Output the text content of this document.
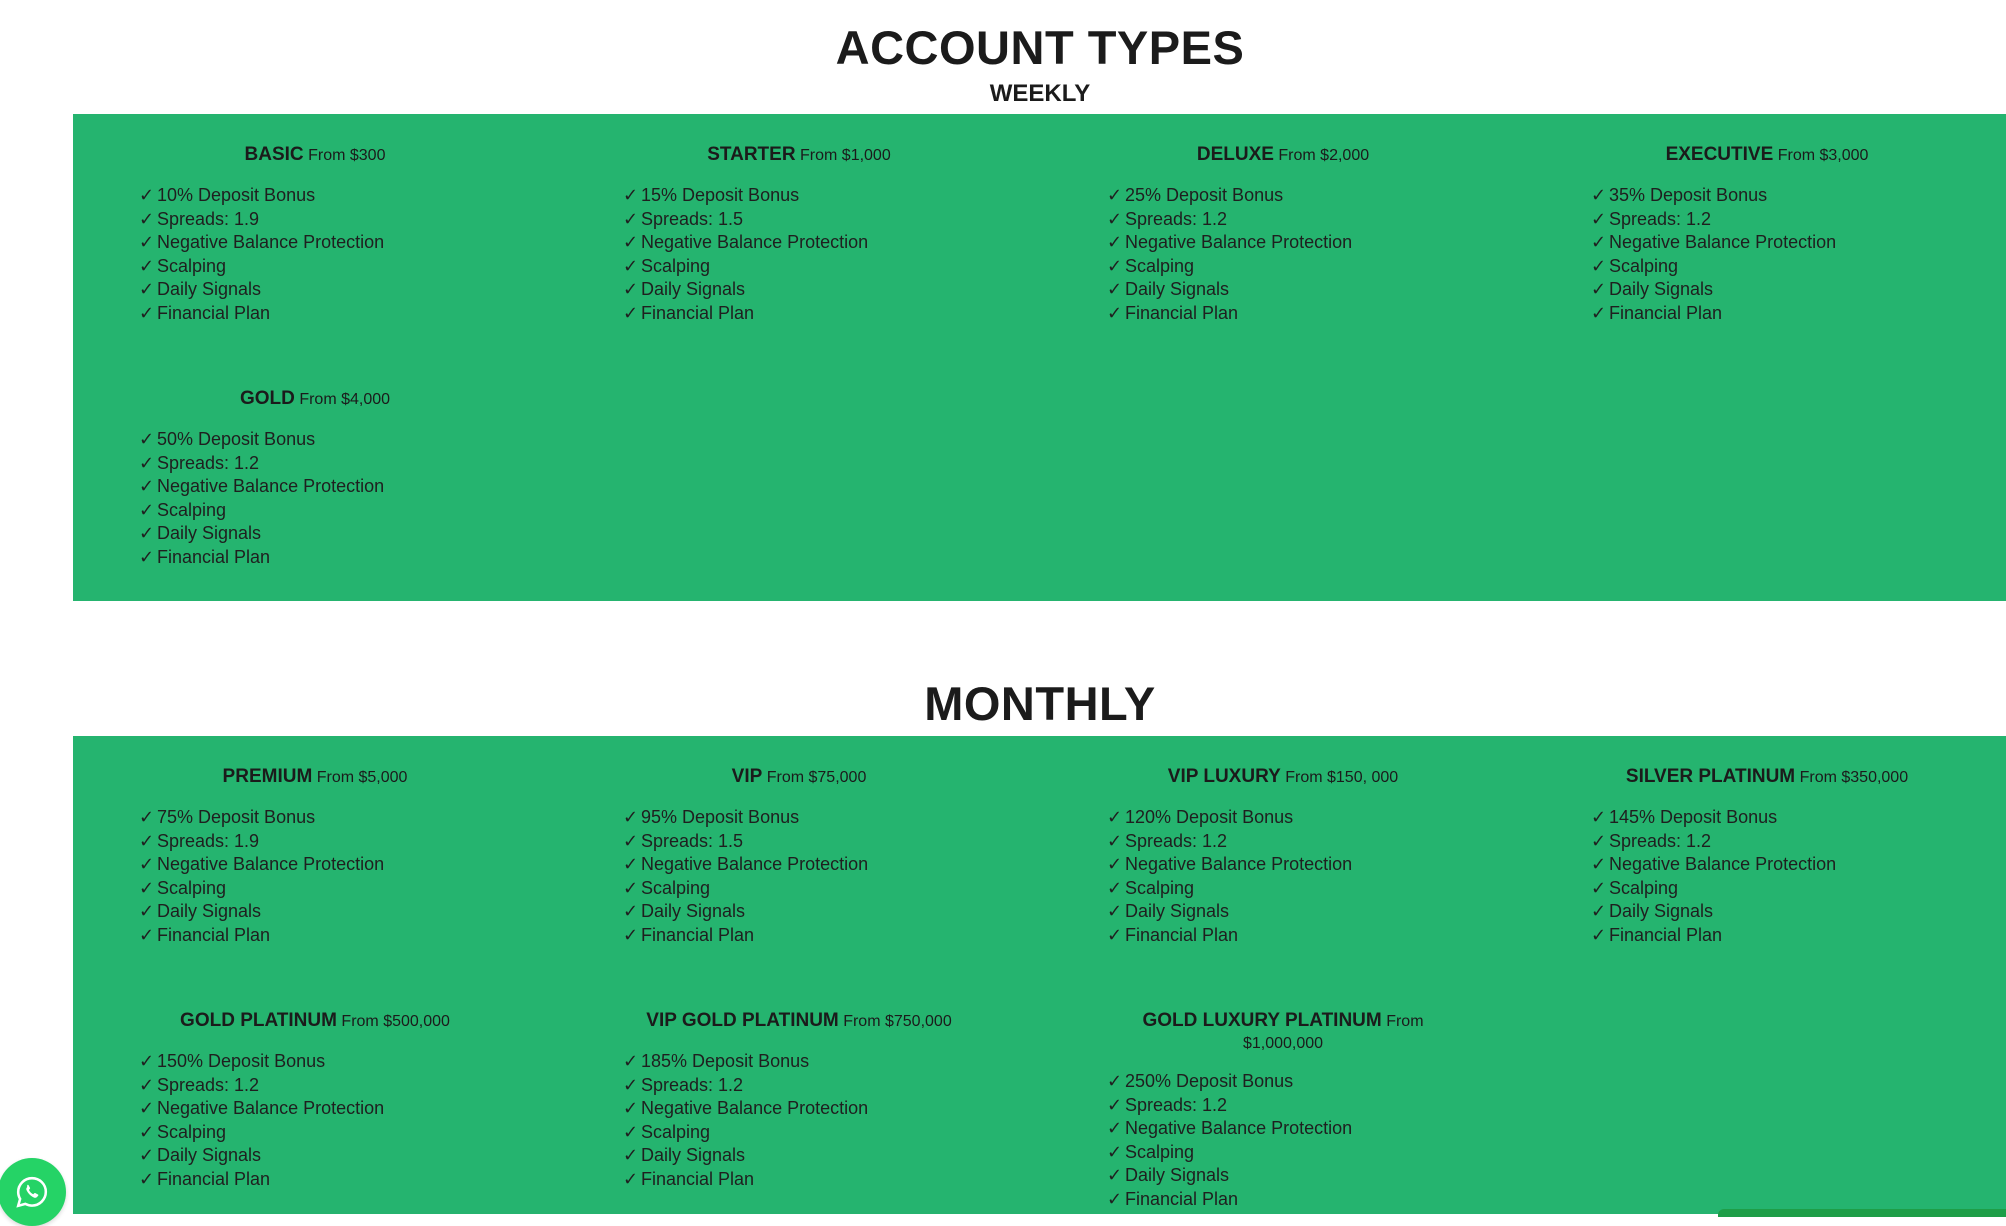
ACCOUNT TYPES
WEEKLY
BASIC From $300
✓ 10% Deposit Bonus
✓ Spreads: 1.9
✓ Negative Balance Protection
✓ Scalping
✓ Daily Signals
✓ Financial Plan
STARTER From $1,000
✓ 15% Deposit Bonus
✓ Spreads: 1.5
✓ Negative Balance Protection
✓ Scalping
✓ Daily Signals
✓ Financial Plan
DELUXE From $2,000
✓ 25% Deposit Bonus
✓ Spreads: 1.2
✓ Negative Balance Protection
✓ Scalping
✓ Daily Signals
✓ Financial Plan
EXECUTIVE From $3,000
✓ 35% Deposit Bonus
✓ Spreads: 1.2
✓ Negative Balance Protection
✓ Scalping
✓ Daily Signals
✓ Financial Plan
GOLD From $4,000
✓ 50% Deposit Bonus
✓ Spreads: 1.2
✓ Negative Balance Protection
✓ Scalping
✓ Daily Signals
✓ Financial Plan
MONTHLY
PREMIUM From $5,000
✓ 75% Deposit Bonus
✓ Spreads: 1.9
✓ Negative Balance Protection
✓ Scalping
✓ Daily Signals
✓ Financial Plan
VIP From $75,000
✓ 95% Deposit Bonus
✓ Spreads: 1.5
✓ Negative Balance Protection
✓ Scalping
✓ Daily Signals
✓ Financial Plan
VIP LUXURY From $150, 000
✓ 120% Deposit Bonus
✓ Spreads: 1.2
✓ Negative Balance Protection
✓ Scalping
✓ Daily Signals
✓ Financial Plan
SILVER PLATINUM From $350,000
✓ 145% Deposit Bonus
✓ Spreads: 1.2
✓ Negative Balance Protection
✓ Scalping
✓ Daily Signals
✓ Financial Plan
GOLD PLATINUM From $500,000
✓ 150% Deposit Bonus
✓ Spreads: 1.2
✓ Negative Balance Protection
✓ Scalping
✓ Daily Signals
✓ Financial Plan
VIP GOLD PLATINUM From $750,000
✓ 185% Deposit Bonus
✓ Spreads: 1.2
✓ Negative Balance Protection
✓ Scalping
✓ Daily Signals
✓ Financial Plan
GOLD LUXURY PLATINUM From $1,000,000
✓ 250% Deposit Bonus
✓ Spreads: 1.2
✓ Negative Balance Protection
✓ Scalping
✓ Daily Signals
✓ Financial Plan
